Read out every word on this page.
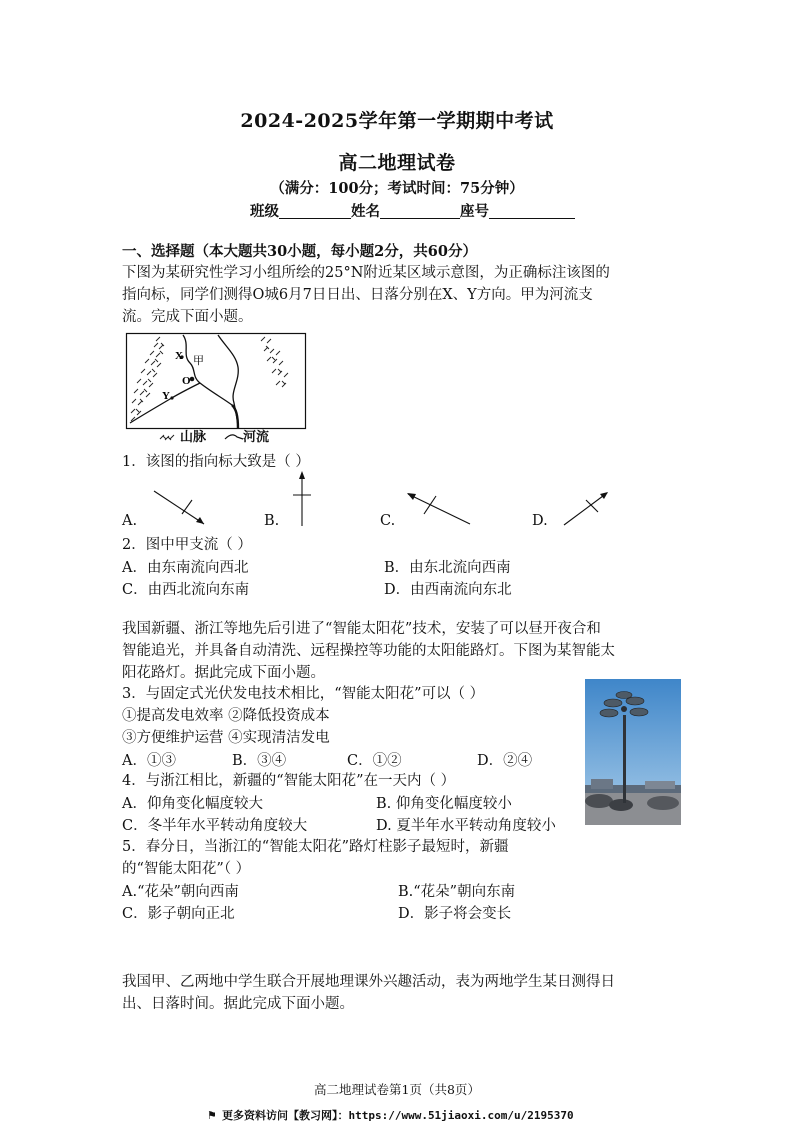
2024-2025学年第一学期期中考试
高二地理试卷
（满分：100分；考试时间：75分钟）
班级	姓名	座号
一、选择题（本大题共30小题，每小题2分，共60分）
下图为某研究性学习小组所绘的25°N附近某区域示意图，为正确标注该图的
指向标，同学们测得O城6月7日日出、日落分别在X、Y方向。甲为河流支
流。完成下面小题。
X 甲
O
Y
山脉	河流
1．该图的指向标大致是（ ）
A.	B.	C.	D.
2．图中甲支流（ ）
A．由东南流向西北	B．由东北流向西南
C．由西北流向东南	D．由西南流向东北
我国新疆、浙江等地先后引进了“智能太阳花”技术，安装了可以昼开夜合和
智能追光，并具备自动清洗、远程操控等功能的太阳能路灯。下图为某智能太
阳花路灯。据此完成下面小题。
3．与固定式光伏发电技术相比，“智能太阳花”可以（ ）
①提高发电效率 ②降低投资成本
③方便维护运营 ④实现清洁发电
A．①③	B．③④	C．①②	D．②④
4．与浙江相比，新疆的“智能太阳花”在一天内（ ）
A．仰角变化幅度较大	B. 仰角变化幅度较小
C．冬半年水平转动角度较大	D. 夏半年水平转动角度较小
5．春分日，当浙江的“智能太阳花”路灯柱影子最短时，新疆
的“智能太阳花”（ ）
A.“花朵”朝向西南	B.“花朵”朝向东南
C．影子朝向正北	D．影子将会变长
我国甲、乙两地中学生联合开展地理课外兴趣活动，表为两地学生某日测得日
出、日落时间。据此完成下面小题。
高二地理试卷第1页（共8页）
⚑ 更多资料访问【教习网】：https://www.51jiaoxi.com/u/2195370
